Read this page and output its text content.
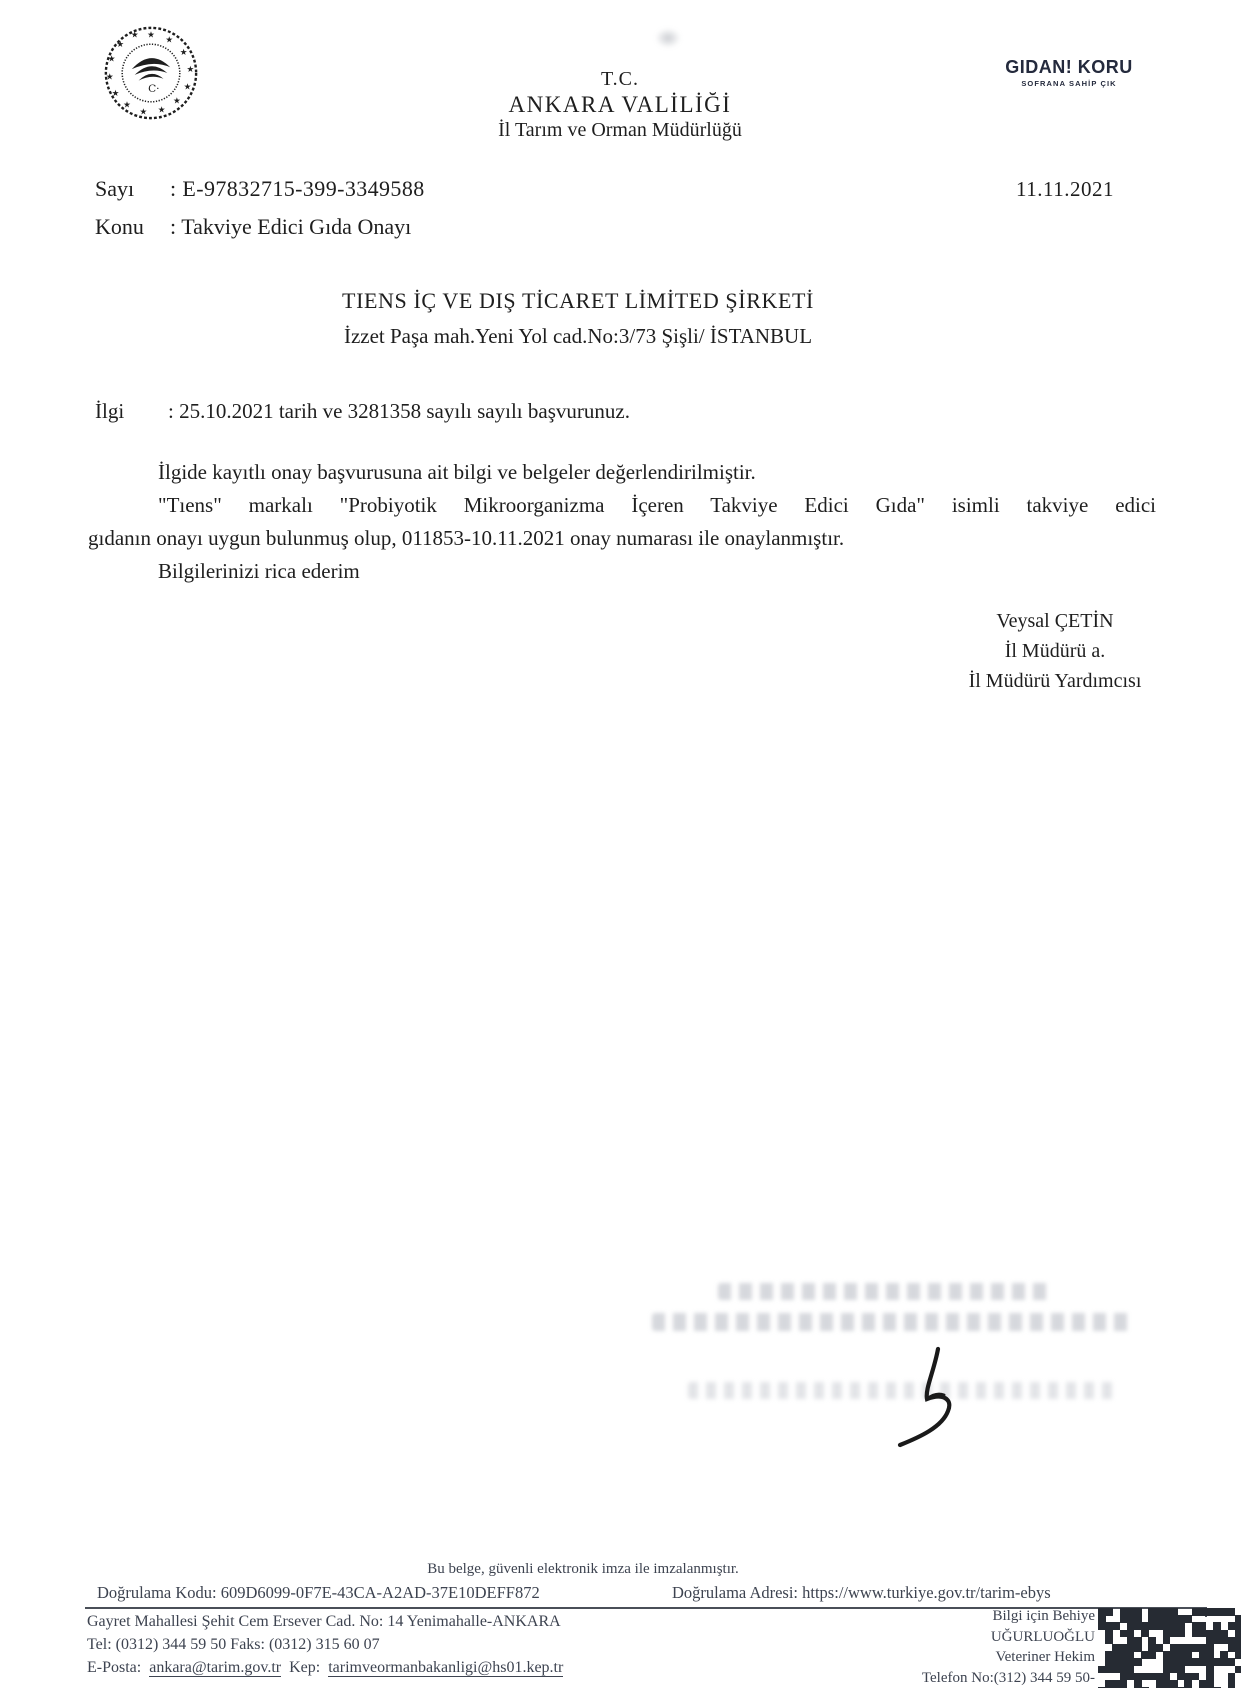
★ ★
★
★
★
★
★
★
★
★
★
★
★
★
C·	T.C.
ANKARA VALİLİĞİ
İl Tarım ve Orman Müdürlüğü
GIDAN! KORU
SOFRANA SAHİP ÇIK
Sayı : E-97832715-399-3349588	11.11.2021
Konu : Takviye Edici Gıda Onayı
TIENS İÇ VE DIŞ TİCARET LİMİTED ŞİRKETİ
İzzet Paşa mah.Yeni Yol cad.No:3/73 Şişli/ İSTANBUL
İlgi : 25.10.2021 tarih ve 3281358 sayılı sayılı başvurunuz.
İlgide kayıtlı onay başvurusuna ait bilgi ve belgeler değerlendirilmiştir.
"Tıens" markalı "Probiyotik Mikroorganizma İçeren Takviye Edici Gıda" isimli takviye edici
gıdanın onayı uygun bulunmuş olup, 011853-10.11.2021 onay numarası ile onaylanmıştır.
Bilgilerinizi rica ederim
Veysal ÇETİN
İl Müdürü a.
İl Müdürü Yardımcısı
Bu belge, güvenli elektronik imza ile imzalanmıştır.
Doğrulama Kodu: 609D6099-0F7E-43CA-A2AD-37E10DEFF872	Doğrulama Adresi: https://www.turkiye.gov.tr/tarim-ebys
Gayret Mahallesi Şehit Cem Ersever Cad. No: 14 Yenimahalle-ANKARA
Tel: (0312) 344 59 50 Faks: (0312) 315 60 07
E-Posta: ankara@tarim.gov.tr Kep: tarimveormanbakanligi@hs01.kep.tr
Bilgi için Behiye
UĞURLUOĞLU
Veteriner Hekim
Telefon No:(312) 344 59 50-
